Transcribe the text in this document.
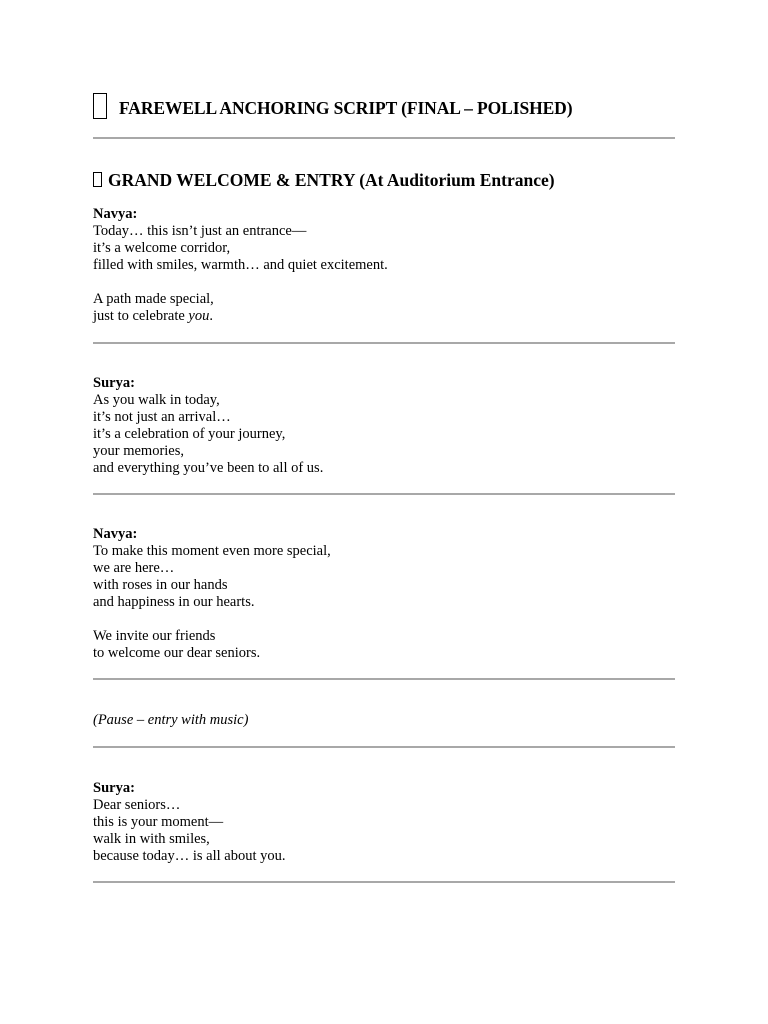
FAREWELL ANCHORING SCRIPT (FINAL – POLISHED)
GRAND WELCOME & ENTRY (At Auditorium Entrance)
Navya:
Today… this isn’t just an entrance—
it’s a welcome corridor,
filled with smiles, warmth… and quiet excitement.
A path made special,
just to celebrate you.
Surya:
As you walk in today,
it’s not just an arrival…
it’s a celebration of your journey,
your memories,
and everything you’ve been to all of us.
Navya:
To make this moment even more special,
we are here…
with roses in our hands
and happiness in our hearts.
We invite our friends
to welcome our dear seniors.
(Pause – entry with music)
Surya:
Dear seniors…
this is your moment—
walk in with smiles,
because today… is all about you.
